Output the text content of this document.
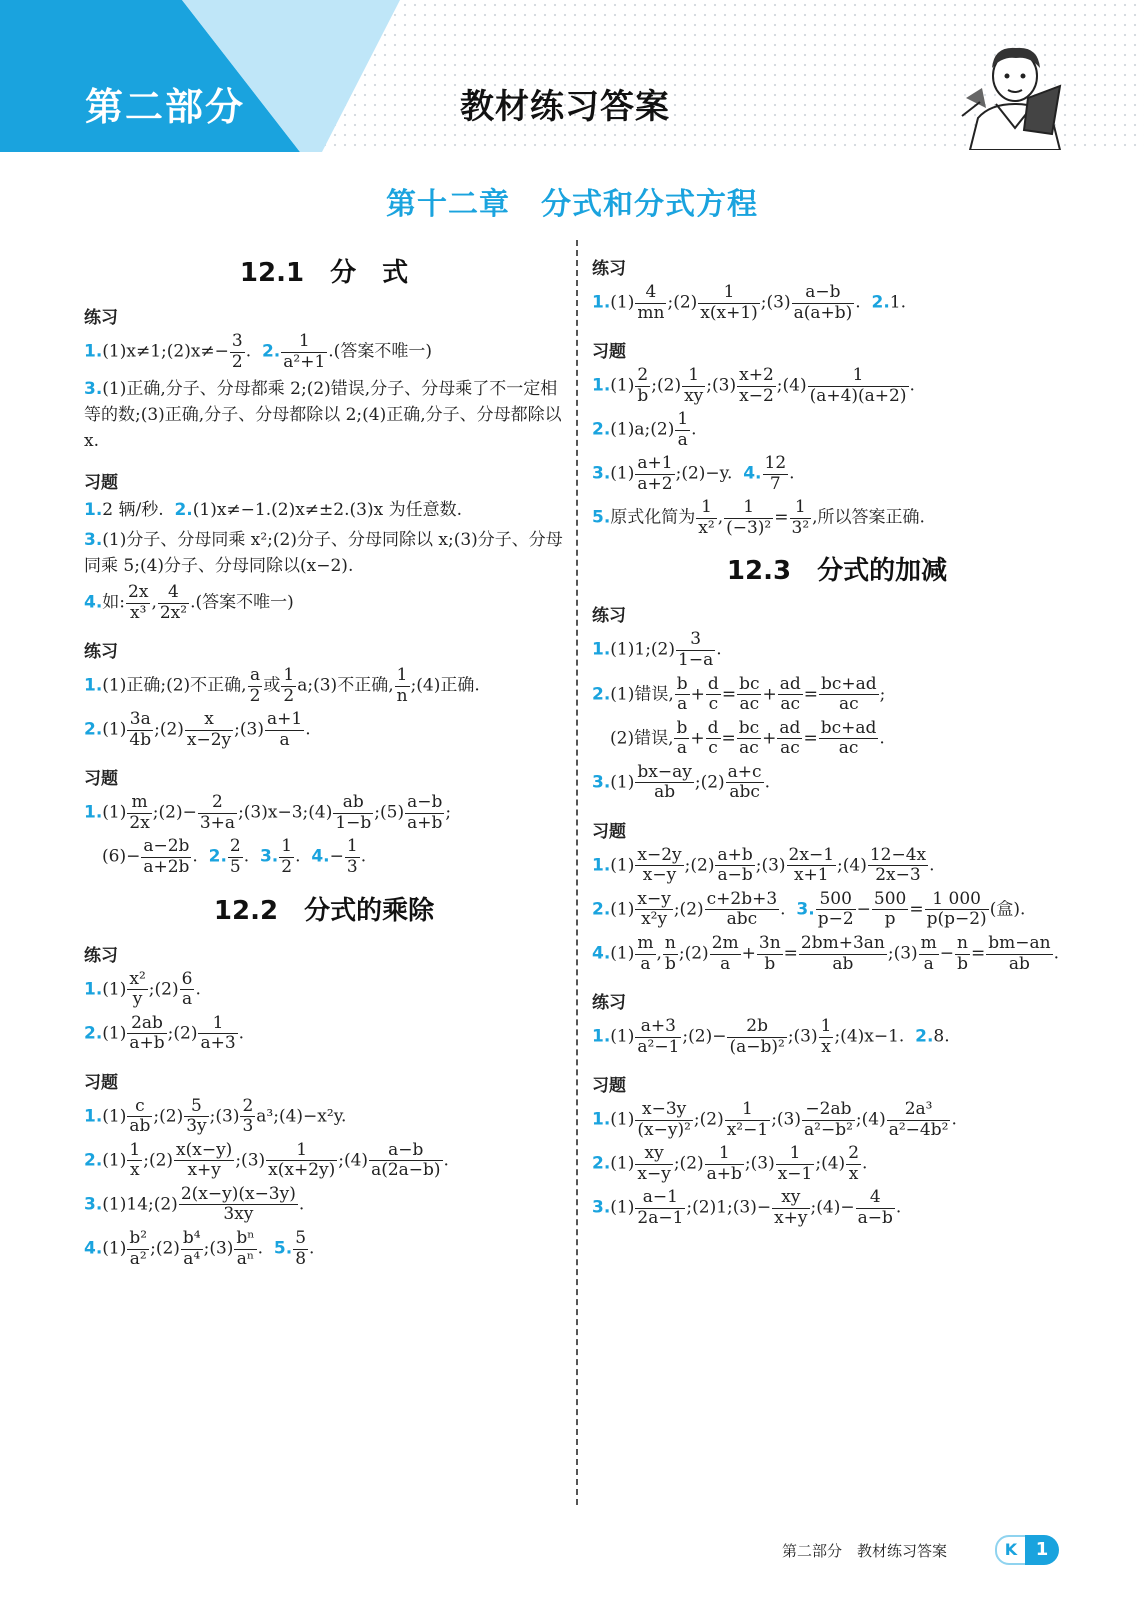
第二部分	教材练习答案
第十二章　分式和分式方程
12.1　分　式
练习
1.(1)x≠1;(2)x≠− $\frac{3}{2}$ . 2. $\frac{1}{\text{a²+1}}$ .(答案不唯一)
3.(1)正确,分子、分母都乘 2;(2)错误,分子、分母乘了不一定相等的数;(3)正确,分子、分母都除以 2;(4)正确,分子、分母都除以 x.
习题
1.2 辆/秒. 2.(1)x≠−1.(2)x≠±2.(3)x 为任意数.
3.(1)分子、分母同乘 x²;(2)分子、分母同除以 x;(3)分子、分母同乘 5;(4)分子、分母同除以(x−2).
4.如: $\frac{2x}{\text{x³}}$ , $\frac{4}{\text{2x²}}$ .(答案不唯一)
练习
1.(1)正确;(2)不正确, $\frac{a}{2}$ 或 $\frac{1}{2}$ a;(3)不正确, $\frac{1}{n}$ ;(4)正确.
$2.(1) \frac{3a}{4b}$ ;(2) $\frac{x}{x-2y}$ ;(3) $\frac{a+1}{a}$ .
习题
$1.(1) \frac{m}{2x}$ ;(2)− $\frac{2}{3+a}$ ;(3)x−3;(4) $\frac{ab}{1-b}$ ;(5) $\frac{a-b}{a+b}$ ;
$(6)- \frac{a-2b}{a+2b}$ . 2. $\frac{2}{5}$ . 3. $\frac{1}{2}$ . $4.- \frac{1}{3}$ .
12.2　分式的乘除
练习
$1.(1) \frac{\text{x²}}{y}$ ;(2) $\frac{6}{a}$ .
$2.(1) \frac{2ab}{a+b}$ ;(2) $\frac{1}{a+3}$ .
习题
$1.(1) \frac{c}{ab}$ ;(2) $\frac{5}{3y}$ ;(3) $\frac{2}{3}$ a³;(4)−x²y.
$2.(1) \frac{1}{x}$ ;(2) $\frac{x(x-y)}{x+y}$ ;(3) $\frac{1}{x(x+2y)}$ ;(4) $\frac{a-b}{a(2a-b)}$ .
3.(1)14;(2) $\frac{2(x-y)(x-3y)}{3xy}$ .
$4.(1) \frac{\text{b²}}{\text{a²}}$ ;(2) $\frac{\text{b⁴}}{\text{a⁴}}$ ;(3) $\frac{\text{bⁿ}}{\text{aⁿ}}$ . 5. $\frac{5}{8}$ .
练习
$1.(1) \frac{4}{mn}$ ;(2) $\frac{1}{x(x+1)}$ ;(3) $\frac{a-b}{a(a+b)}$ . 2.1.
习题
$1.(1) \frac{2}{b}$ ;(2) $\frac{1}{xy}$ ;(3) $\frac{x+2}{x-2}$ ;(4) $\frac{1}{(a+4)(a+2)}$ .
2.(1)a;(2) $\frac{1}{a}$ .
$3.(1) \frac{a+1}{a+2}$ ;(2)−y. 4. $\frac{12}{7}$ .
5.原式化简为 $\frac{1}{\text{x²}}$ , $\frac{1}{\text{(−3)²}} = \frac{1}{\text{3²}}$ ,所以答案正确.
12.3　分式的加减
练习
1.(1)1;(2) $\frac{3}{1-a}$ .
2.(1)错误, $\frac{b}{a} + \frac{d}{c} = \frac{bc}{ac} + \frac{ad}{ac} = \frac{bc+ad}{ac}$ ;
(2)错误, $\frac{b}{a} + \frac{d}{c} = \frac{bc}{ac} + \frac{ad}{ac} = \frac{bc+ad}{ac}$ .
$3.(1) \frac{bx-ay}{ab}$ ;(2) $\frac{a+c}{\text{abc}}$ .
习题
$1.(1) \frac{x-2y}{x-y}$ ;(2) $\frac{a+b}{a-b}$ ;(3) $\frac{2x-1}{x+1}$ ;(4) $\frac{12-4x}{2x-3}$ .
$2.(1) \frac{x-y}{\text{x²y}}$ ;(2) $\frac{c+2b+3}{\text{abc}}$ . 3. $\frac{500}{p-2} - \frac{500}{p} = \frac{1 000}{p(p-2)}$ (盒).
$4.(1) \frac{m}{a}$ , $\frac{n}{b}$ ;(2) $\frac{2m}{a} + \frac{3n}{b} = \frac{2bm+3an}{ab}$ ;(3) $\frac{m}{a} - \frac{n}{b} = \frac{bm-an}{ab}$ .
练习
$1.(1) \frac{a+3}{\text{a²−1}}$ ;(2)− $\frac{2b}{\text{(a−b)²}}$ ;(3) $\frac{1}{x}$ ;(4)x−1. 2.8.
习题
$1.(1) \frac{x-3y}{\text{(x−y)²}}$ ;(2) $\frac{1}{\text{x²−1}}$ ;(3) $\frac{-2ab}{\text{a²−b²}}$ ;(4) $\frac{\text{2a³}}{\text{a²−4b²}}$ .
$2.(1) \frac{xy}{x-y}$ ;(2) $\frac{1}{a+b}$ ;(3) $\frac{1}{x-1}$ ;(4) $\frac{2}{x}$ .
$3.(1) \frac{a-1}{2a-1}$ ;(2)1;(3)− $\frac{xy}{x+y}$ ;(4)− $\frac{4}{a-b}$ .
第二部分　教材练习答案	K	1
